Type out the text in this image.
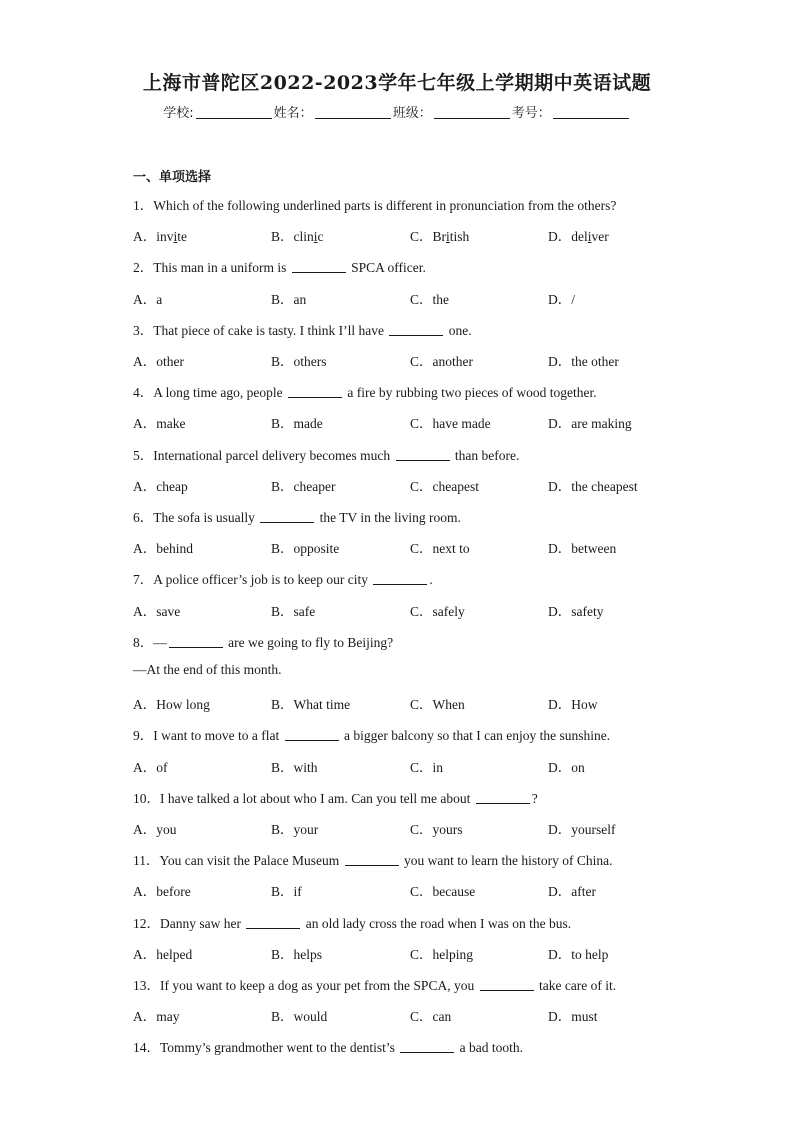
上海市普陀区2022-2023学年七年级上学期期中英语试题
学校:	姓名：	班级：	考号：
一、单项选择
1．Which of the following underlined parts is different in pronunciation from the others?
A．invite	B．clinic	C．British	D．deliver
2．This man in a uniform is	SPCA officer.
A．a	B．an	C．the	D．/
3．That piece of cake is tasty. I think I’ll have	one.
A．other	B．others	C．another	D．the other
4．A long time ago, people	a fire by rubbing two pieces of wood together.
A．make	B．made	C．have made	D．are making
5．International parcel delivery becomes much	than before.
A．cheap	B．cheaper	C．cheapest	D．the cheapest
6．The sofa is usually	the TV in the living room.
A．behind	B．opposite	C．next to	D．between
7．A police officer’s job is to keep our city	.
A．save	B．safe	C．safely	D．safety
8．—	are we going to fly to Beijing?
—At the end of this month.
A．How long	B．What time	C．When	D．How
9．I want to move to a flat	a bigger balcony so that I can enjoy the sunshine.
A．of	B．with	C．in	D．on
10．I have talked a lot about who I am. Can you tell me about	?
A．you	B．your	C．yours	D．yourself
11．You can visit the Palace Museum	you want to learn the history of China.
A．before	B．if	C．because	D．after
12．Danny saw her	an old lady cross the road when I was on the bus.
A．helped	B．helps	C．helping	D．to help
13．If you want to keep a dog as your pet from the SPCA, you	take care of it.
A．may	B．would	C．can	D．must
14．Tommy’s grandmother went to the dentist’s	a bad tooth.
